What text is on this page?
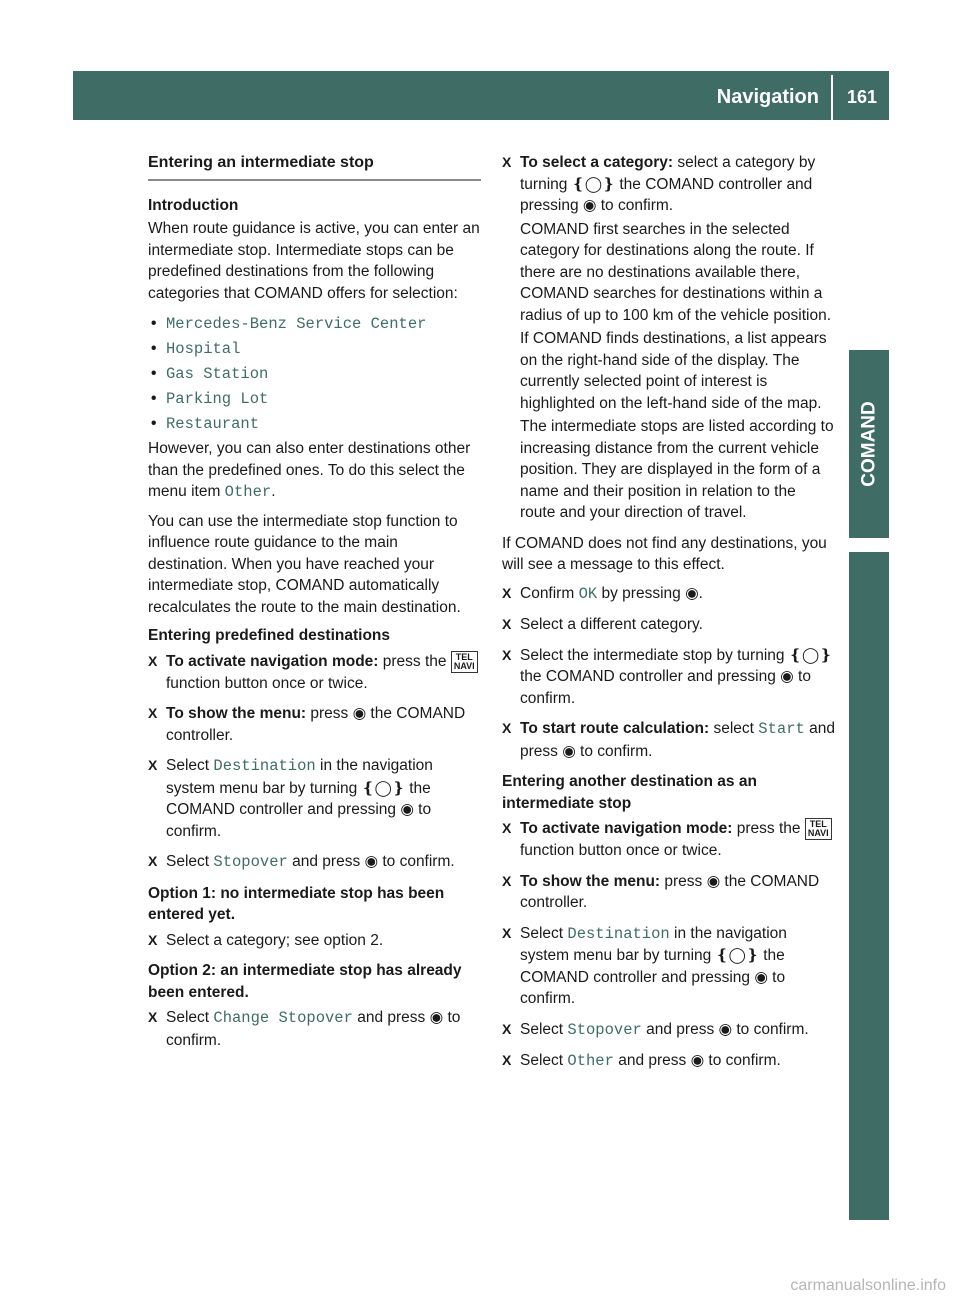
Navigation	161
COMAND
Entering an intermediate stop
Introduction

When route guidance is active, you can enter an intermediate stop. Intermediate stops can be predefined destinations from the following categories that COMAND offers for selection:

• Mercedes-Benz Service Center
• Hospital
• Gas Station
• Parking Lot
• Restaurant

However, you can also enter destinations other than the predefined ones. To do this select the menu item Other.

You can use the intermediate stop function to influence route guidance to the main destination. When you have reached your intermediate stop, COMAND automatically recalculates the route to the main destination.

Entering predefined destinations
X To activate navigation mode: press the TEL
NAVI function button once or twice.
X To show the menu: press ◉ the COMAND controller.
X Select Destination in the navigation system menu bar by turning ❴◯❵ the COMAND controller and pressing ◉ to confirm.
X Select Stopover and press ◉ to confirm.
Option 1: no intermediate stop has been entered yet.
X Select a category; see option 2.
Option 2: an intermediate stop has already been entered.
X Select Change Stopover and press ◉ to confirm.
X To select a category: select a category by turning ❴◯❵ the COMAND controller and pressing ◉ to confirm.

COMAND first searches in the selected category for destinations along the route. If there are no destinations available there, COMAND searches for destinations within a radius of up to 100 km of the vehicle position.

If COMAND finds destinations, a list appears on the right-hand side of the display. The currently selected point of interest is highlighted on the left-hand side of the map.

The intermediate stops are listed according to increasing distance from the current vehicle position. They are displayed in the form of a name and their position in relation to the route and your direction of travel.

If COMAND does not find any destinations, you will see a message to this effect.

X Confirm OK by pressing ◉.
X Select a different category.
X Select the intermediate stop by turning ❴◯❵ the COMAND controller and pressing ◉ to confirm.
X To start route calculation: select Start and press ◉ to confirm.
Entering another destination as an intermediate stop
X To activate navigation mode: press the TEL
NAVI function button once or twice.
X To show the menu: press ◉ the COMAND controller.
X Select Destination in the navigation system menu bar by turning ❴◯❵ the COMAND controller and pressing ◉ to confirm.
X Select Stopover and press ◉ to confirm.
X Select Other and press ◉ to confirm.
carmanualsonline.info
